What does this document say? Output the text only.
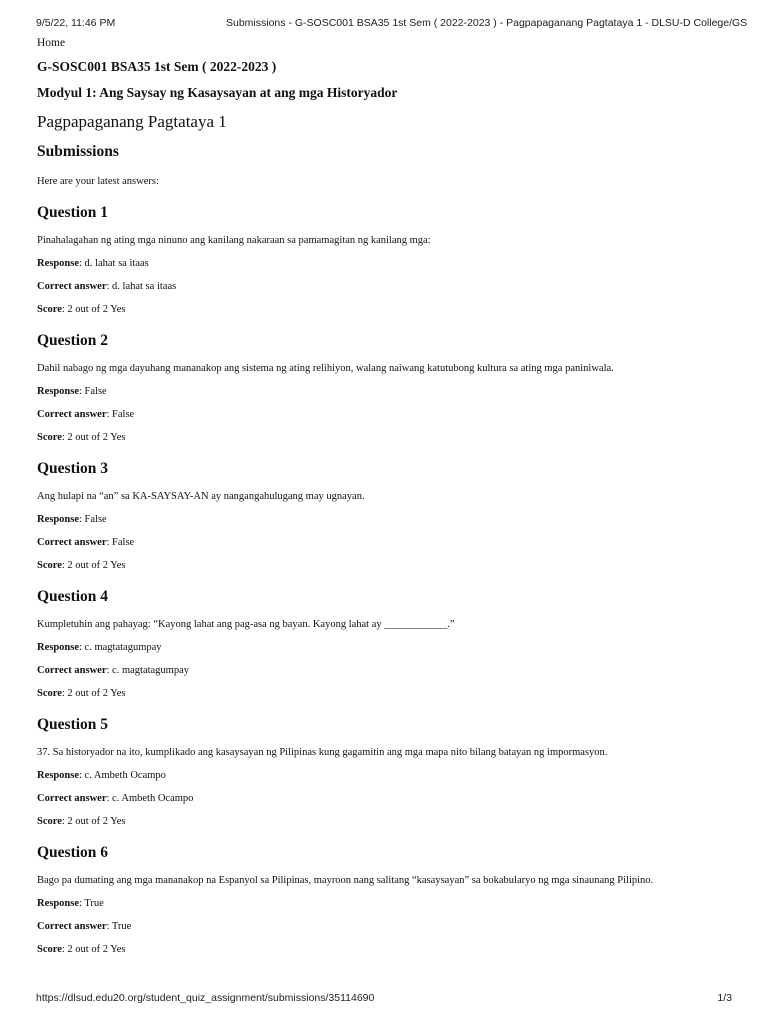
9/5/22, 11:46 PM	Submissions - G-SOSC001 BSA35 1st Sem ( 2022-2023 ) - Pagpapaganang Pagtataya 1 - DLSU-D College/GS
Home
G-SOSC001 BSA35 1st Sem ( 2022-2023 )
Modyul 1: Ang Saysay ng Kasaysayan at ang mga Historyador
Pagpapaganang Pagtataya 1
Submissions
Here are your latest answers:
Question 1
Pinahalagahan ng ating mga ninuno ang kanilang nakaraan sa pamamagitan ng kanilang mga:
Response: d. lahat sa itaas
Correct answer: d. lahat sa itaas
Score: 2 out of 2 Yes
Question 2
Dahil nabago ng mga dayuhang mananakop ang sistema ng ating relihiyon, walang naiwang katutubong kultura sa ating mga paniniwala.
Response: False
Correct answer: False
Score: 2 out of 2 Yes
Question 3
Ang hulapi na “an” sa KA-SAYSAY-AN ay nangangahulugang may ugnayan.
Response: False
Correct answer: False
Score: 2 out of 2 Yes
Question 4
Kumpletuhin ang pahayag: “Kayong lahat ang pag-asa ng bayan. Kayong lahat ay ____________.”
Response: c. magtatagumpay
Correct answer: c. magtatagumpay
Score: 2 out of 2 Yes
Question 5
37. Sa historyador na ito, kumplikado ang kasaysayan ng Pilipinas kung gagamitin ang mga mapa nito bilang batayan ng impormasyon.
Response: c. Ambeth Ocampo
Correct answer: c. Ambeth Ocampo
Score: 2 out of 2 Yes
Question 6
Bago pa dumating ang mga mananakop na Espanyol sa Pilipinas, mayroon nang salitang “kasaysayan” sa bokabularyo ng mga sinaunang Pilipino.
Response: True
Correct answer: True
Score: 2 out of 2 Yes
https://dlsud.edu20.org/student_quiz_assignment/submissions/35114690	1/3
